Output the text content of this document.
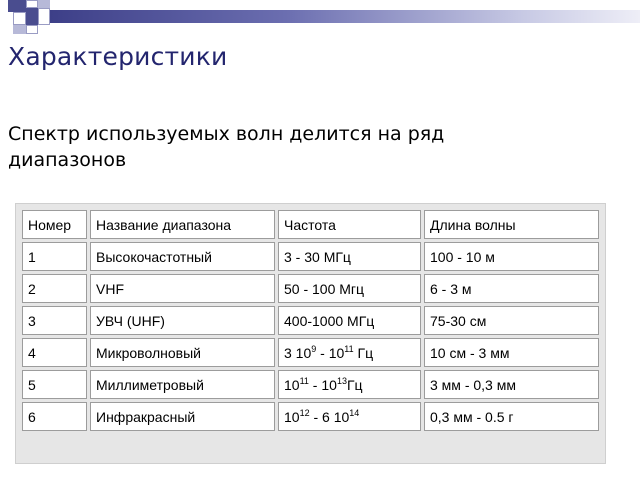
Характеристики

Спектр используемых волн делится на ряд диапазонов

Номер	Название диапазона	Частота	Длина волны
1	Высокочастотный	3 - 30 МГц	100 - 10 м
2	VHF	50 - 100 Мгц	6 - 3 м
3	УВЧ (UHF)	400-1000 МГц	75-30 см
4	Микроволновый	3 $10^9 - 10^{11}$ Гц	10 см - 3 мм
5	Миллиметровый	$10^{11} - 10^{13}Гц$	3 мм - 0,3 мм
6	Инфракрасный	$10^{12} - 6$ $10^{14}$	0,3 мм - 0.5 г
